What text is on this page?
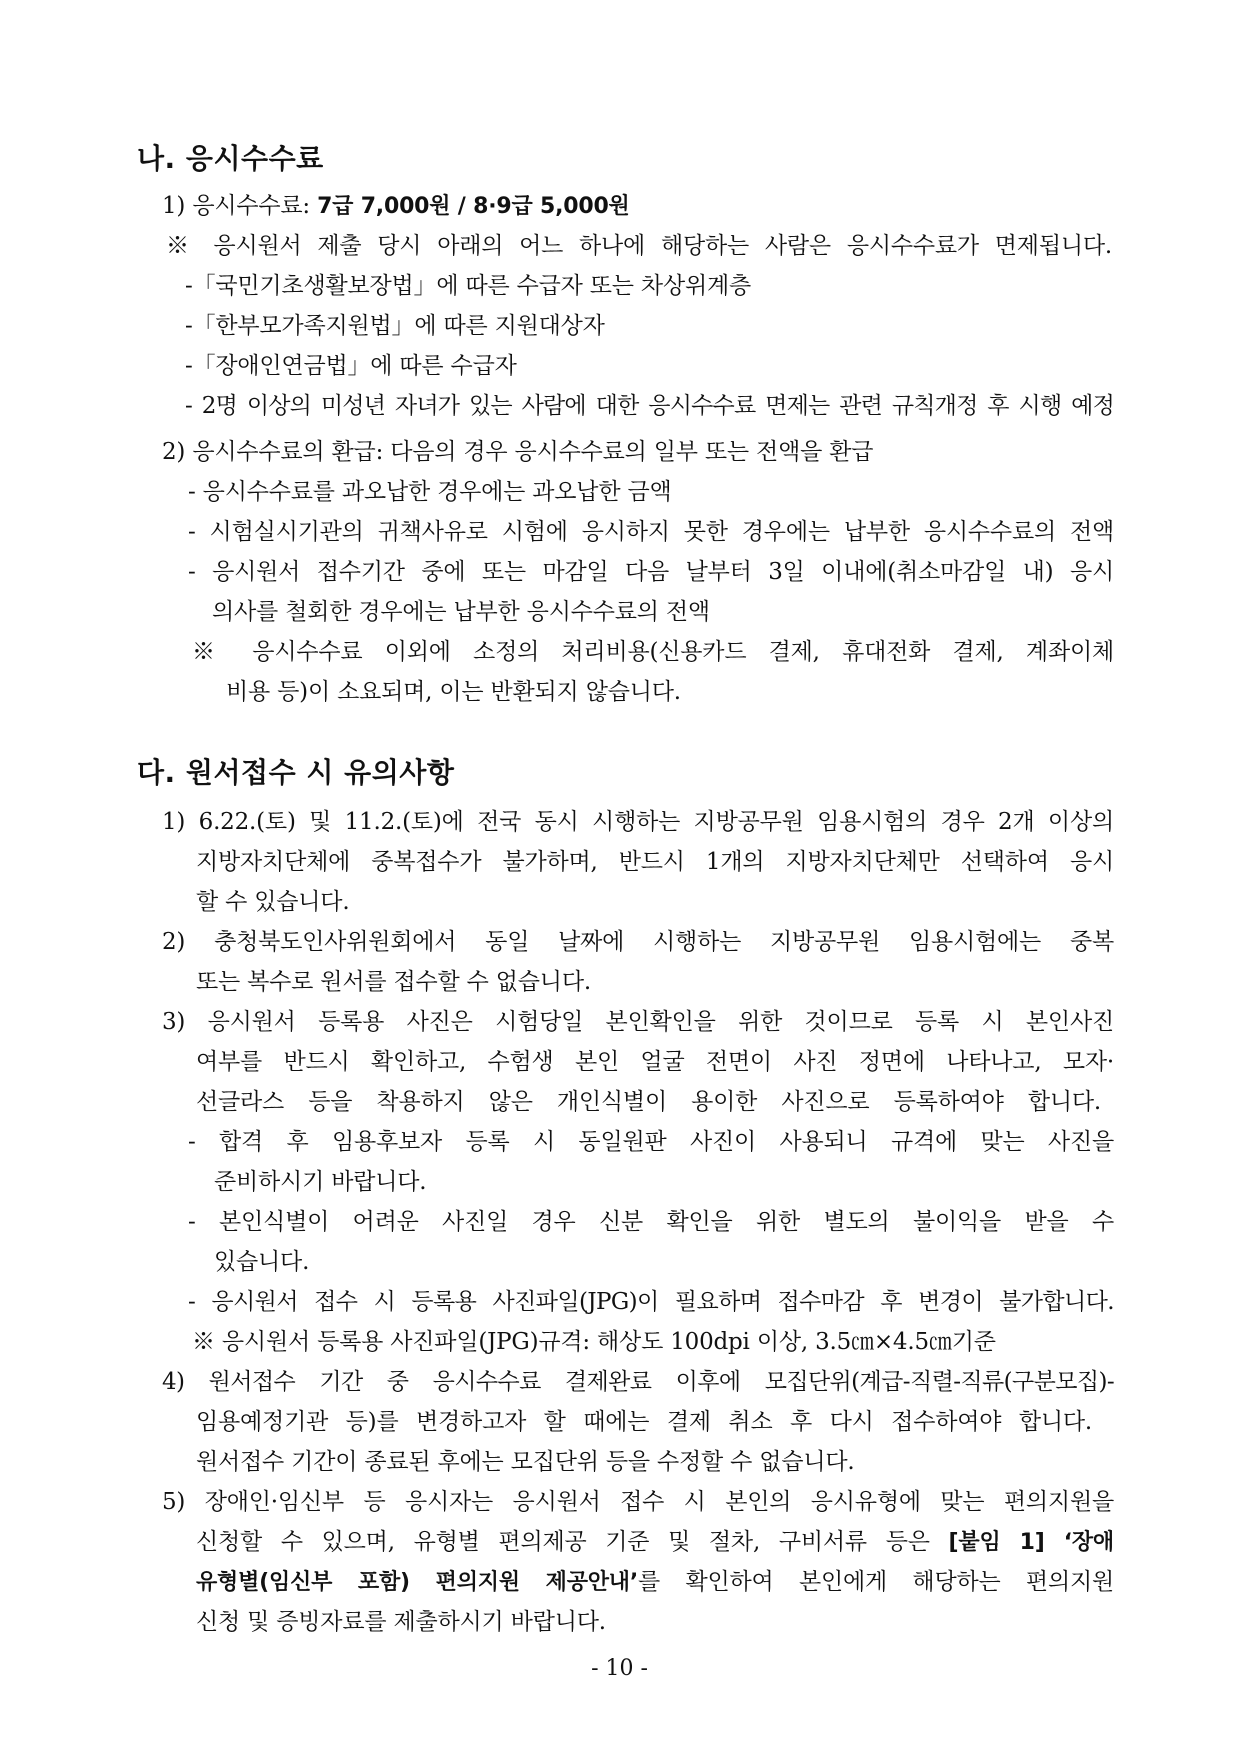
나. 응시수수료
1) 응시수수료: 7급 7,000원 / 8·9급 5,000원
※ 응시원서 제출 당시 아래의 어느 하나에 해당하는 사람은 응시수수료가 면제됩니다.
-「국민기초생활보장법」에 따른 수급자 또는 차상위계층
-「한부모가족지원법」에 따른 지원대상자
-「장애인연금법」에 따른 수급자
- 2명 이상의 미성년 자녀가 있는 사람에 대한 응시수수료 면제는 관련 규칙개정 후 시행 예정
2) 응시수수료의 환급: 다음의 경우 응시수수료의 일부 또는 전액을 환급
- 응시수수료를 과오납한 경우에는 과오납한 금액
- 시험실시기관의 귀책사유로 시험에 응시하지 못한 경우에는 납부한 응시수수료의 전액
- 응시원서 접수기간 중에 또는 마감일 다음 날부터 3일 이내에(취소마감일 내) 응시
의사를 철회한 경우에는 납부한 응시수수료의 전액
※ 응시수수료 이외에 소정의 처리비용(신용카드 결제, 휴대전화 결제, 계좌이체
비용 등)이 소요되며, 이는 반환되지 않습니다.
다. 원서접수 시 유의사항
1) 6.22.(토) 및 11.2.(토)에 전국 동시 시행하는 지방공무원 임용시험의 경우 2개 이상의
지방자치단체에 중복접수가 불가하며, 반드시 1개의 지방자치단체만 선택하여 응시
할 수 있습니다.
2) 충청북도인사위원회에서 동일 날짜에 시행하는 지방공무원 임용시험에는 중복
또는 복수로 원서를 접수할 수 없습니다.
3) 응시원서 등록용 사진은 시험당일 본인확인을 위한 것이므로 등록 시 본인사진
여부를 반드시 확인하고, 수험생 본인 얼굴 전면이 사진 정면에 나타나고, 모자·
선글라스 등을 착용하지 않은 개인식별이 용이한 사진으로 등록하여야 합니다.
- 합격 후 임용후보자 등록 시 동일원판 사진이 사용되니 규격에 맞는 사진을
준비하시기 바랍니다.
- 본인식별이 어려운 사진일 경우 신분 확인을 위한 별도의 불이익을 받을 수
있습니다.
- 응시원서 접수 시 등록용 사진파일(JPG)이 필요하며 접수마감 후 변경이 불가합니다.
※ 응시원서 등록용 사진파일(JPG)규격: 해상도 100dpi 이상, 3.5㎝×4.5㎝기준
4) 원서접수 기간 중 응시수수료 결제완료 이후에 모집단위(계급-직렬-직류(구분모집)-
임용예정기관 등)를 변경하고자 할 때에는 결제 취소 후 다시 접수하여야 합니다.
원서접수 기간이 종료된 후에는 모집단위 등을 수정할 수 없습니다.
5) 장애인·임신부 등 응시자는 응시원서 접수 시 본인의 응시유형에 맞는 편의지원을
신청할 수 있으며, 유형별 편의제공 기준 및 절차, 구비서류 등은 [붙임 1] ‘장애
유형별(임신부 포함) 편의지원 제공안내’를 확인하여 본인에게 해당하는 편의지원
신청 및 증빙자료를 제출하시기 바랍니다.
- 10 -
